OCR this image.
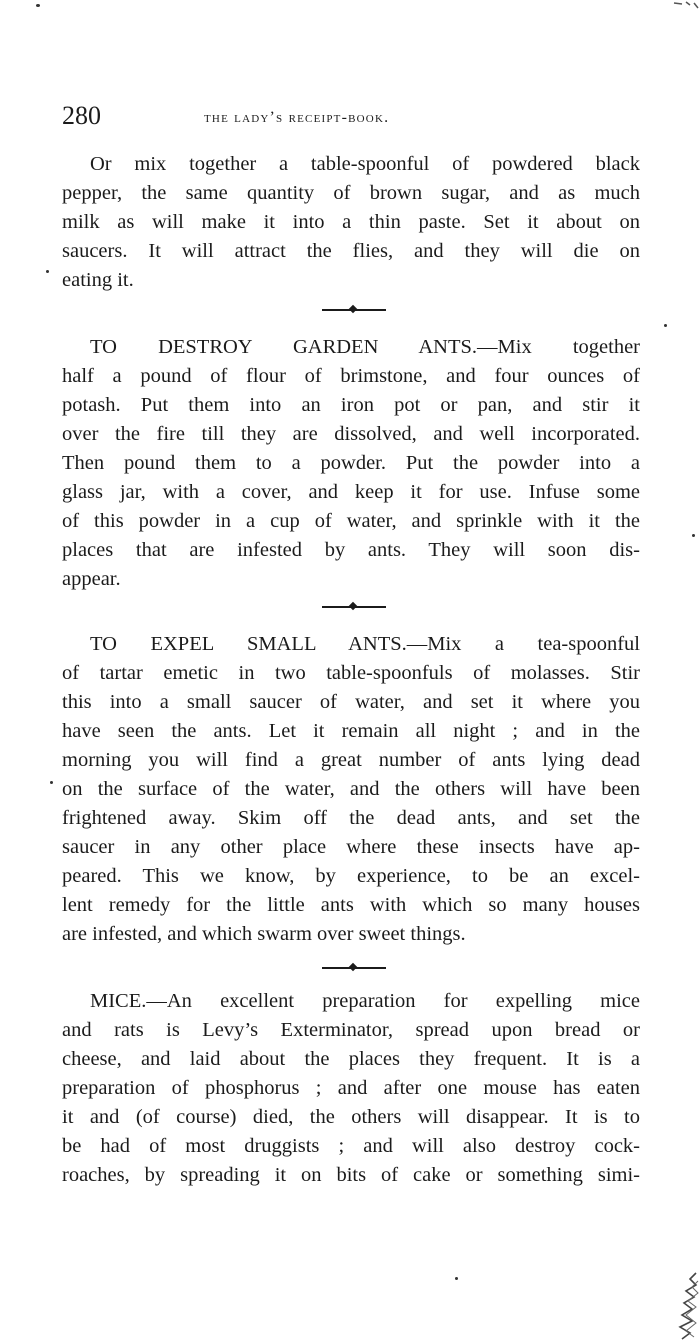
280	the lady’s receipt-book.
Or mix together a table-spoonful of powdered black
pepper, the same quantity of brown sugar, and as much
milk as will make it into a thin paste. Set it about on
saucers. It will attract the flies, and they will die on
eating it.
TO DESTROY GARDEN ANTS.—Mix together
half a pound of flour of brimstone, and four ounces of
potash. Put them into an iron pot or pan, and stir it
over the fire till they are dissolved, and well incorporated.
Then pound them to a powder. Put the powder into a
glass jar, with a cover, and keep it for use. Infuse some
of this powder in a cup of water, and sprinkle with it the
places that are infested by ants. They will soon dis-
appear.
TO EXPEL SMALL ANTS.—Mix a tea-spoonful
of tartar emetic in two table-spoonfuls of molasses. Stir
this into a small saucer of water, and set it where you
have seen the ants. Let it remain all night ; and in the
morning you will find a great number of ants lying dead
on the surface of the water, and the others will have been
frightened away. Skim off the dead ants, and set the
saucer in any other place where these insects have ap-
peared. This we know, by experience, to be an excel-
lent remedy for the little ants with which so many houses
are infested, and which swarm over sweet things.
MICE.—An excellent preparation for expelling mice
and rats is Levy’s Exterminator, spread upon bread or
cheese, and laid about the places they frequent. It is a
preparation of phosphorus ; and after one mouse has eaten
it and (of course) died, the others will disappear. It is to
be had of most druggists ; and will also destroy cock-
roaches, by spreading it on bits of cake or something simi-
